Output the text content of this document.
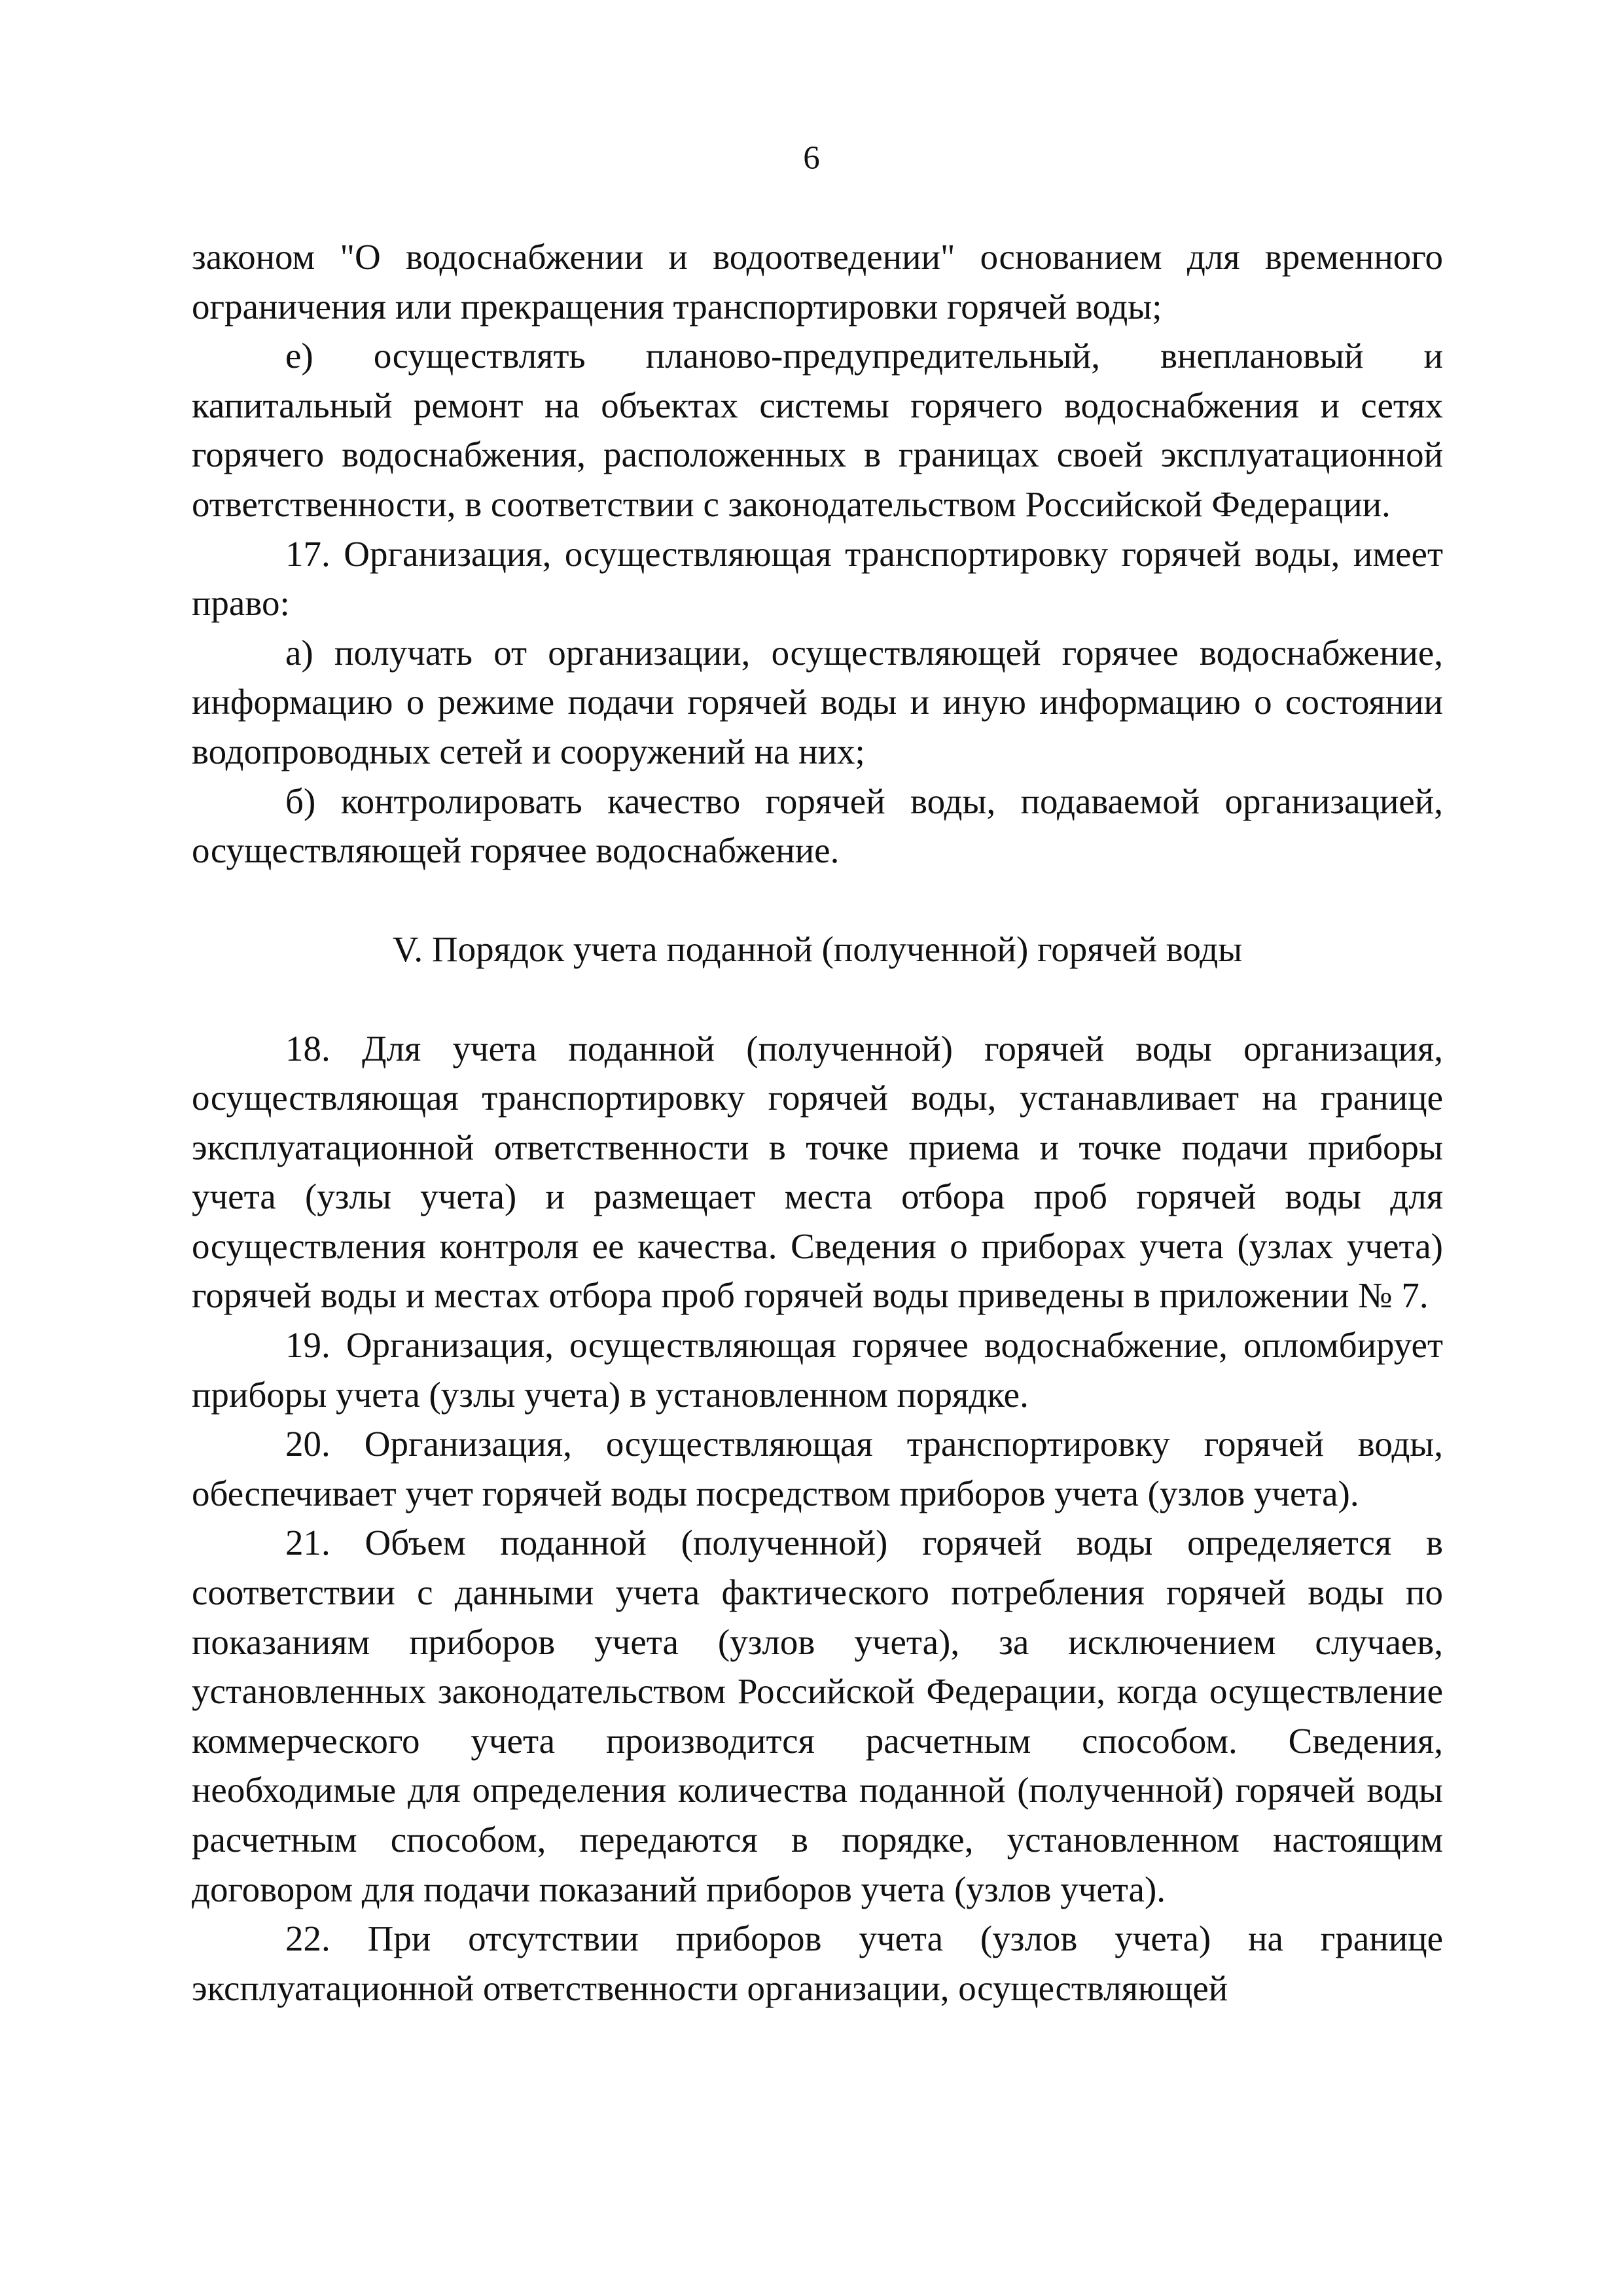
6

законом "О водоснабжении и водоотведении" основанием для временного ограничения или прекращения транспортировки горячей воды;

е) осуществлять планово-предупредительный, внеплановый и капитальный ремонт на объектах системы горячего водоснабжения и сетях горячего водоснабжения, расположенных в границах своей эксплуатационной ответственности, в соответствии с законодательством Российской Федерации.

17. Организация, осуществляющая транспортировку горячей воды, имеет право:

а) получать от организации, осуществляющей горячее водоснабжение, информацию о режиме подачи горячей воды и иную информацию о состоянии водопроводных сетей и сооружений на них;

б) контролировать качество горячей воды, подаваемой организацией, осуществляющей горячее водоснабжение.

V. Порядок учета поданной (полученной) горячей воды

18. Для учета поданной (полученной) горячей воды организация, осуществляющая транспортировку горячей воды, устанавливает на границе эксплуатационной ответственности в точке приема и точке подачи приборы учета (узлы учета) и размещает места отбора проб горячей воды для осуществления контроля ее качества. Сведения о приборах учета (узлах учета) горячей воды и местах отбора проб горячей воды приведены в приложении № 7.

19. Организация, осуществляющая горячее водоснабжение, опломбирует приборы учета (узлы учета) в установленном порядке.

20. Организация, осуществляющая транспортировку горячей воды, обеспечивает учет горячей воды посредством приборов учета (узлов учета).

21. Объем поданной (полученной) горячей воды определяется в соответствии с данными учета фактического потребления горячей воды по показаниям приборов учета (узлов учета), за исключением случаев, установленных законодательством Российской Федерации, когда осуществление коммерческого учета производится расчетным способом. Сведения, необходимые для определения количества поданной (полученной) горячей воды расчетным способом, передаются в порядке, установленном настоящим договором для подачи показаний приборов учета (узлов учета).

22. При отсутствии приборов учета (узлов учета) на границе эксплуатационной ответственности организации, осуществляющей
